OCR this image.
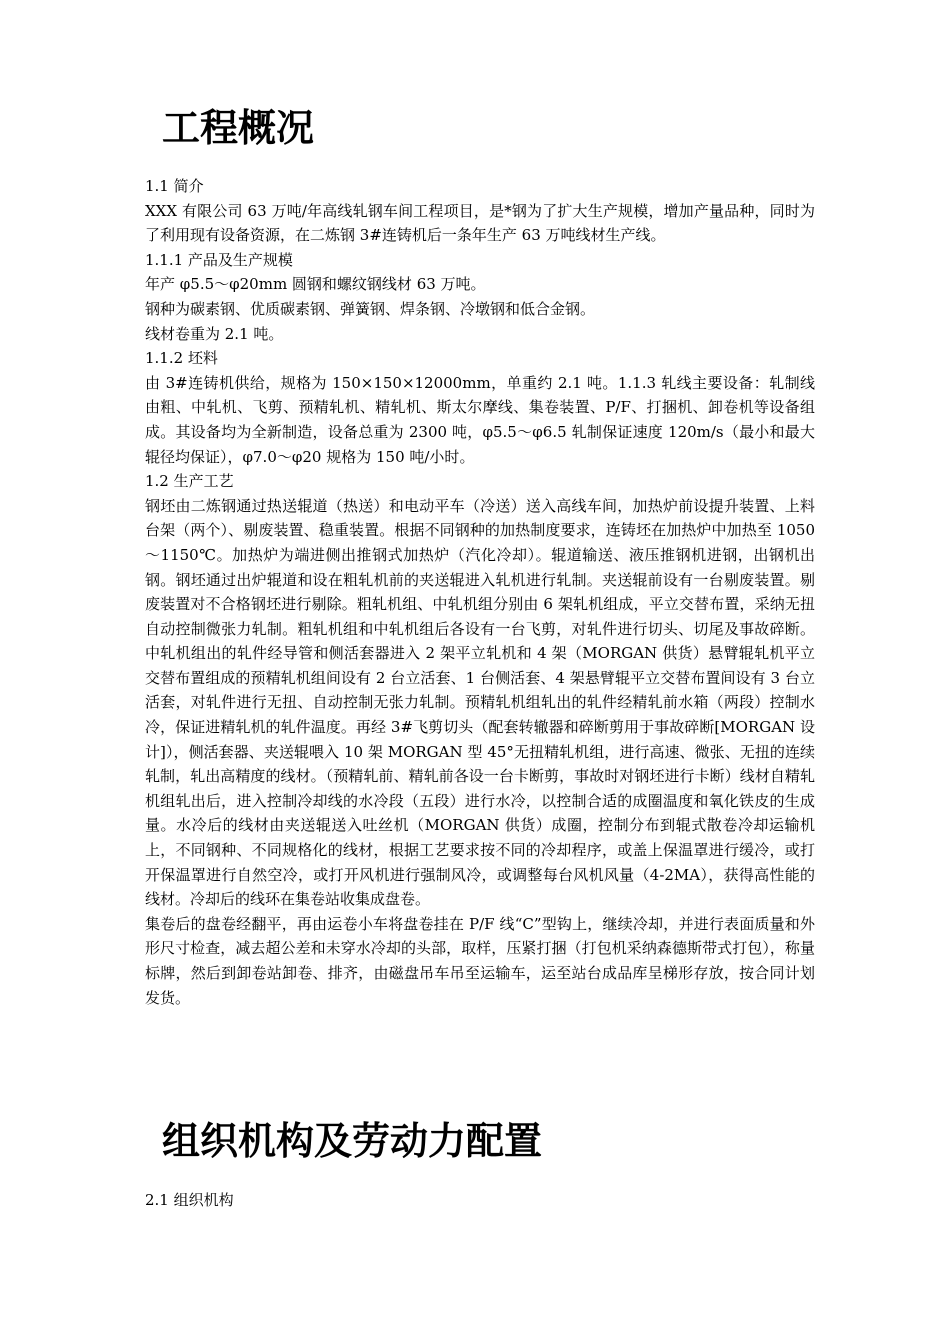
工程概况

1.1 简介

XXX 有限公司 63 万吨/年高线轧钢车间工程项目，是*钢为了扩大生产规模，增加产量品种，同时为了利用现有设备资源，在二炼钢 3#连铸机后一条年生产 63 万吨线材生产线。

1.1.1 产品及生产规模

年产 φ5.5～φ20mm 圆钢和螺纹钢线材 63 万吨。

钢种为碳素钢、优质碳素钢、弹簧钢、焊条钢、冷墩钢和低合金钢。

线材卷重为 2.1 吨。

1.1.2 坯料

由 3#连铸机供给，规格为 150×150×12000mm，单重约 2.1 吨。1.1.3 轧线主要设备：轧制线由粗、中轧机、飞剪、预精轧机、精轧机、斯太尔摩线、集卷装置、P/F、打捆机、卸卷机等设备组成。其设备均为全新制造，设备总重为 2300 吨，φ5.5～φ6.5 轧制保证速度 120m/s（最小和最大辊径均保证），φ7.0～φ20 规格为 150 吨/小时。

1.2 生产工艺

钢坯由二炼钢通过热送辊道（热送）和电动平车（冷送）送入高线车间，加热炉前设提升装置、上料台架（两个）、剔废装置、稳重装置。根据不同钢种的加热制度要求，连铸坯在加热炉中加热至 1050～1150℃。加热炉为端进侧出推钢式加热炉（汽化冷却）。辊道输送、液压推钢机进钢，出钢机出钢。钢坯通过出炉辊道和设在粗轧机前的夹送辊进入轧机进行轧制。夹送辊前设有一台剔废装置。剔废装置对不合格钢坯进行剔除。粗轧机组、中轧机组分别由 6 架轧机组成，平立交替布置，采纳无扭自动控制微张力轧制。粗轧机组和中轧机组后各设有一台飞剪，对轧件进行切头、切尾及事故碎断。中轧机组出的轧件经导管和侧活套器进入 2 架平立轧机和 4 架（MORGAN 供货）悬臂辊轧机平立交替布置组成的预精轧机组间设有 2 台立活套、1 台侧活套、4 架悬臂辊平立交替布置间设有 3 台立活套，对轧件进行无扭、自动控制无张力轧制。预精轧机组轧出的轧件经精轧前水箱（两段）控制水冷，保证进精轧机的轧件温度。再经 3#飞剪切头（配套转辙器和碎断剪用于事故碎断[MORGAN 设计]），侧活套器、夹送辊喂入 10 架 MORGAN 型 45°无扭精轧机组，进行高速、微张、无扭的连续轧制，轧出高精度的线材。（预精轧前、精轧前各设一台卡断剪，事故时对钢坯进行卡断）线材自精轧机组轧出后，进入控制冷却线的水冷段（五段）进行水冷，以控制合适的成圈温度和氧化铁皮的生成量。水冷后的线材由夹送辊送入吐丝机（MORGAN 供货）成圈，控制分布到辊式散卷冷却运输机上，不同钢种、不同规格化的线材，根据工艺要求按不同的冷却程序，或盖上保温罩进行缓冷，或打开保温罩进行自然空冷，或打开风机进行强制风冷，或调整每台风机风量（4-2MA），获得高性能的线材。冷却后的线环在集卷站收集成盘卷。

集卷后的盘卷经翻平，再由运卷小车将盘卷挂在 P/F 线“C”型钩上，继续冷却，并进行表面质量和外形尺寸检查，减去超公差和未穿水冷却的头部，取样，压紧打捆（打包机采纳森德斯带式打包），称量标牌，然后到卸卷站卸卷、排齐，由磁盘吊车吊至运输车，运至站台成品库呈梯形存放，按合同计划发货。

组织机构及劳动力配置

2.1 组织机构
